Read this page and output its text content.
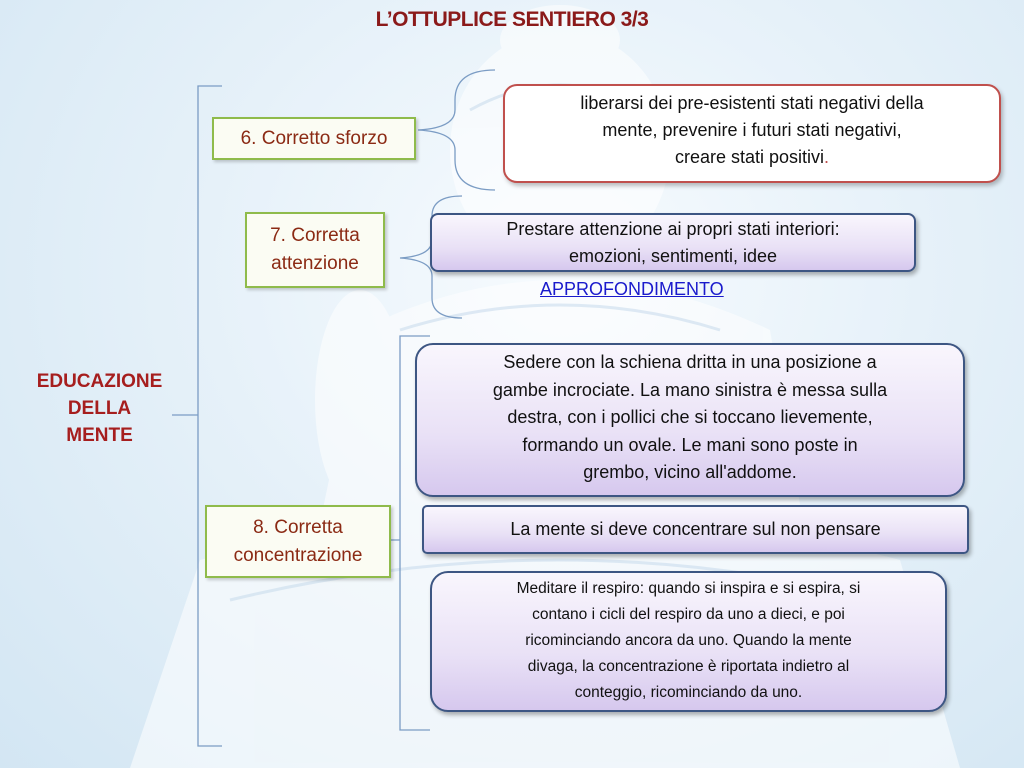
L’OTTUPLICE SENTIERO 3/3
EDUCAZIONE
DELLA
MENTE
6. Corretto sforzo
liberarsi dei pre-esistenti stati negativi della
mente, prevenire i futuri stati negativi,
creare stati positivi.
7. Corretta
attenzione
Prestare attenzione ai propri stati interiori:
emozioni, sentimenti, idee
APPROFONDIMENTO
8. Corretta
concentrazione
Sedere con la schiena dritta in una posizione a
gambe incrociate. La mano sinistra è messa sulla
destra, con i pollici che si toccano lievemente,
formando un ovale. Le mani sono poste in
grembo, vicino all'addome.
La mente si deve concentrare sul non pensare
Meditare il respiro: quando si inspira e si espira, si
contano i cicli del respiro da uno a dieci, e poi
ricominciando ancora da uno. Quando la mente
divaga, la concentrazione è riportata indietro al
conteggio, ricominciando da uno.
